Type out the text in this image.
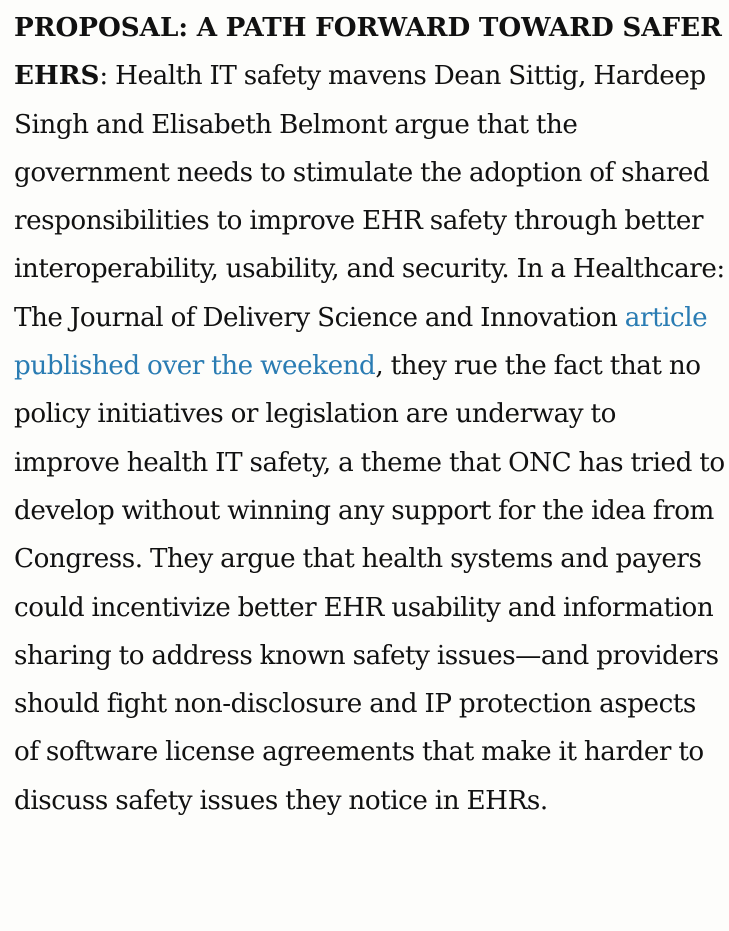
PROPOSAL: A PATH FORWARD TOWARD SAFER EHRS: Health IT safety mavens Dean Sittig, Hardeep Singh and Elisabeth Belmont argue that the government needs to stimulate the adoption of shared responsibilities to improve EHR safety through better interoperability, usability, and security. In a Healthcare: The Journal of Delivery Science and Innovation article published over the weekend, they rue the fact that no policy initiatives or legislation are underway to improve health IT safety, a theme that ONC has tried to develop without winning any support for the idea from Congress. They argue that health systems and payers could incentivize better EHR usability and information sharing to address known safety issues—and providers should fight non-disclosure and IP protection aspects of software license agreements that make it harder to discuss safety issues they notice in EHRs.
